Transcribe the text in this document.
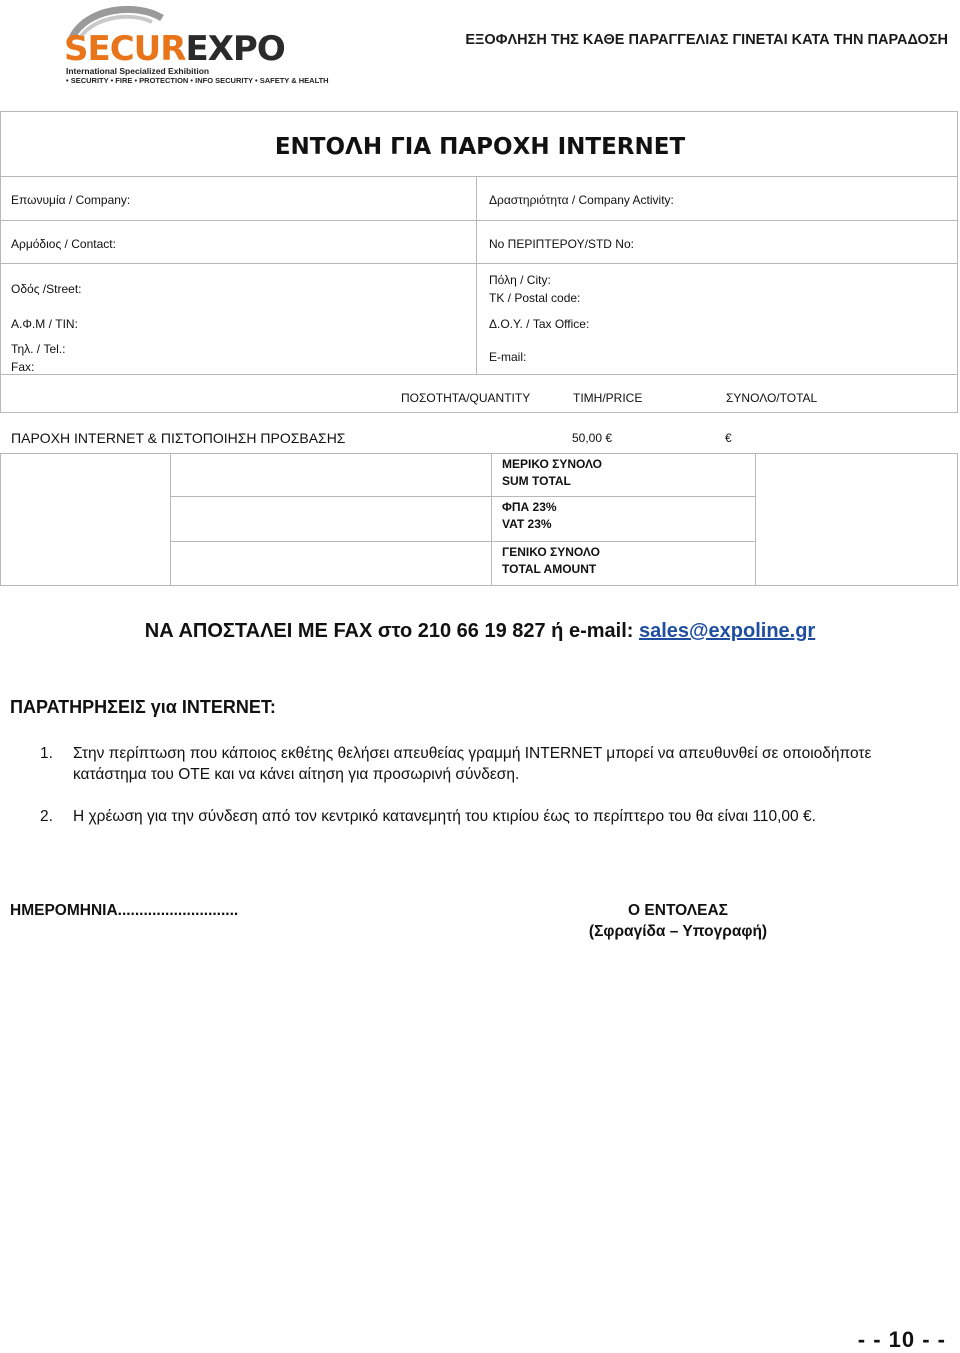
SECUREXPO
International Specialized Exhibition
• SECURITY • FIRE • PROTECTION • INFO SECURITY • SAFETY & HEALTH
ΕΞΟΦΛΗΣΗ ΤΗΣ ΚΑΘΕ ΠΑΡΑΓΓΕΛΙΑΣ ΓΙΝΕΤΑΙ ΚΑΤΑ ΤΗΝ ΠΑΡΑΔΟΣΗ
ΕΝΤΟΛΗ ΓΙΑ ΠΑΡΟΧΗ INTERNET
Επωνυμία / Company:	Δραστηριότητα / Company Activity:
Αρμόδιος / Contact:	Νο ΠΕΡΙΠΤΕΡΟΥ/STD No:
Οδός /Street:
Πόλη / City:
ΤΚ / Postal code:
Α.Φ.Μ / TIN:	Δ.Ο.Υ. / Tax Office:
Τηλ. / Tel.:
Fax:
E-mail:
ΠΟΣΟΤΗΤΑ/QUANTITY	ΤΙΜΗ/PRICE	ΣΥΝΟΛΟ/TOTAL
ΠΑΡΟΧΗ INTERNET & ΠΙΣΤΟΠΟΙΗΣΗ ΠΡΟΣΒΑΣΗΣ	50,00 €	€
ΜΕΡΙΚΟ ΣΥΝΟΛΟ
SUM TOTAL
ΦΠΑ 23%
VAT 23%
ΓΕΝΙΚΟ ΣΥΝΟΛΟ
TOTAL AMOUNT
ΝΑ ΑΠΟΣΤΑΛΕΙ ΜΕ FAX στο 210 66 19 827 ή e-mail: sales@expoline.gr
ΠΑΡΑΤΗΡΗΣΕΙΣ για INTERNET:
1. Στην περίπτωση που κάποιος εκθέτης θελήσει απευθείας γραμμή INTERNET μπορεί να απευθυνθεί σε οποιοδήποτε κατάστημα του ΟΤΕ και να κάνει αίτηση για προσωρινή σύνδεση.
2. Η χρέωση για την σύνδεση από τον κεντρικό κατανεμητή του κτιρίου έως το περίπτερο του θα είναι 110,00 €.
ΗΜΕΡΟΜΗΝΙΑ............................	Ο ΕΝΤΟΛΕΑΣ
(Σφραγίδα – Υπογραφή)
- - 10 - -
